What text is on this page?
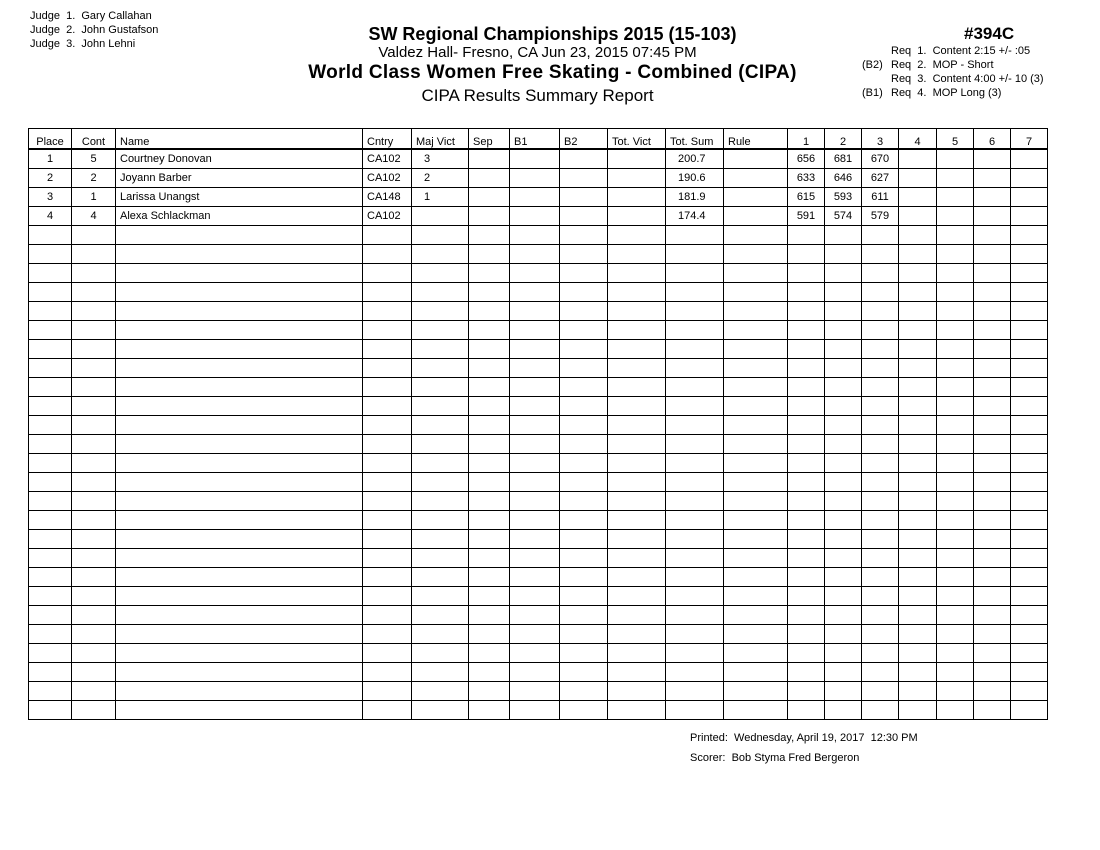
Judge  1.  Gary Callahan
Judge  2.  John Gustafson
Judge  3.  John Lehni	SW Regional Championships 2015 (15-103)
Valdez Hall- Fresno, CA Jun 23, 2015 07:45 PM
World Class Women Free Skating - Combined (CIPA)
CIPA Results Summary Report
#394C
Req  1.  Content 2:15 +/- :05
(B2) Req  2.  MOP - Short
Req  3.  Content 4:00 +/- 10 (3)
(B1) Req  4.  MOP Long (3)
Place	Cont	Name	Cntry	Maj Vict	Sep	B1	B2	Tot. Vict	Tot. Sum	Rule	1	2	3	4	5	6	7
1	5	Courtney Donovan	CA102	3					200.7		656	681	670				
2	2	Joyann Barber	CA102	2					190.6		633	646	627				
3	1	Larissa Unangst	CA148	1					181.9		615	593	611				
4	4	Alexa Schlackman	CA102						174.4		591	574	579				

Printed:  Wednesday, April 19, 2017  12:30 PM
Scorer:  Bob Styma Fred Bergeron
